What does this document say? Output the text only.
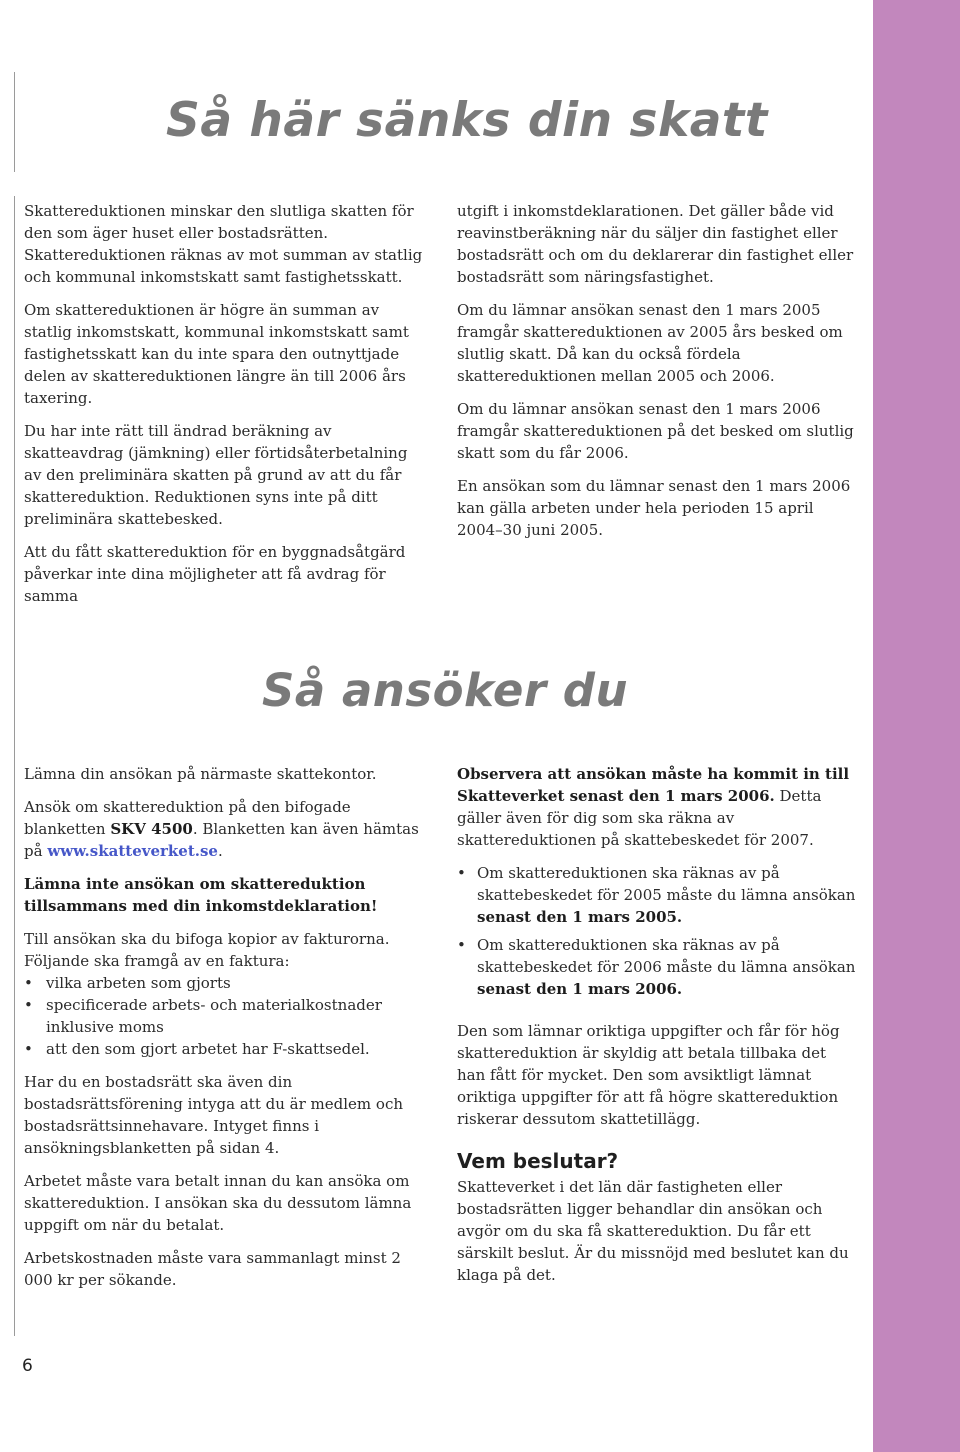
Så här sänks din skatt

Skattereduktionen minskar den slutliga skatten för den som äger huset eller bostadsrätten. Skattereduktionen räknas av mot summan av statlig och kommunal inkomstskatt samt fastighetsskatt.

Om skattereduktionen är högre än summan av statlig inkomstskatt, kommunal inkomstskatt samt fastighetsskatt kan du inte spara den outnyttjade delen av skattereduktionen längre än till 2006 års taxering.

Du har inte rätt till ändrad beräkning av skatteavdrag (jämkning) eller förtidsåterbetalning av den preliminära skatten på grund av att du får skattereduktion. Reduktionen syns inte på ditt preliminära skattebesked.

Att du fått skattereduktion för en byggnadsåtgärd påverkar inte dina möjligheter att få avdrag för samma

utgift i inkomstdeklarationen. Det gäller både vid reavinstberäkning när du säljer din fastighet eller bostadsrätt och om du deklarerar din fastighet eller bostadsrätt som näringsfastighet.

Om du lämnar ansökan senast den 1 mars 2005 framgår skattereduktionen av 2005 års besked om slutlig skatt. Då kan du också fördela skattereduktionen mellan 2005 och 2006.

Om du lämnar ansökan senast den 1 mars 2006 framgår skattereduktionen på det besked om slutlig skatt som du får 2006.

En ansökan som du lämnar senast den 1 mars 2006 kan gälla arbeten under hela perioden 15 april 2004–30 juni 2005.

Så ansöker du

Lämna din ansökan på närmaste skattekontor.

Ansök om skattereduktion på den bifogade blanketten SKV 4500. Blanketten kan även hämtas på www.skatteverket.se.

Lämna inte ansökan om skattereduktion tillsammans med din inkomstdeklaration!

Till ansökan ska du bifoga kopior av fakturorna. Följande ska framgå av en faktura:

• vilka arbeten som gjorts
• specificerade arbets- och materialkostnader inklusive moms
• att den som gjort arbetet har F-skattsedel.

Har du en bostadsrätt ska även din bostadsrättsförening intyga att du är medlem och bostadsrättsinnehavare. Intyget finns i ansökningsblanketten på sidan 4.

Arbetet måste vara betalt innan du kan ansöka om skattereduktion. I ansökan ska du dessutom lämna uppgift om när du betalat.

Arbetskostnaden måste vara sammanlagt minst 2 000 kr per sökande.

Observera att ansökan måste ha kommit in till Skatteverket senast den 1 mars 2006. Detta gäller även för dig som ska räkna av skattereduktionen på skattebeskedet för 2007.

• Om skattereduktionen ska räknas av på skattebeskedet för 2005 måste du lämna ansökan senast den 1 mars 2005.
• Om skattereduktionen ska räknas av på skattebeskedet för 2006 måste du lämna ansökan senast den 1 mars 2006.

Den som lämnar oriktiga uppgifter och får för hög skattereduktion är skyldig att betala tillbaka det han fått för mycket. Den som avsiktligt lämnat oriktiga uppgifter för att få högre skattereduktion riskerar dessutom skattetillägg.

Vem beslutar?

Skatteverket i det län där fastigheten eller bostadsrätten ligger behandlar din ansökan och avgör om du ska få skattereduktion. Du får ett särskilt beslut. Är du missnöjd med beslutet kan du klaga på det.

6
